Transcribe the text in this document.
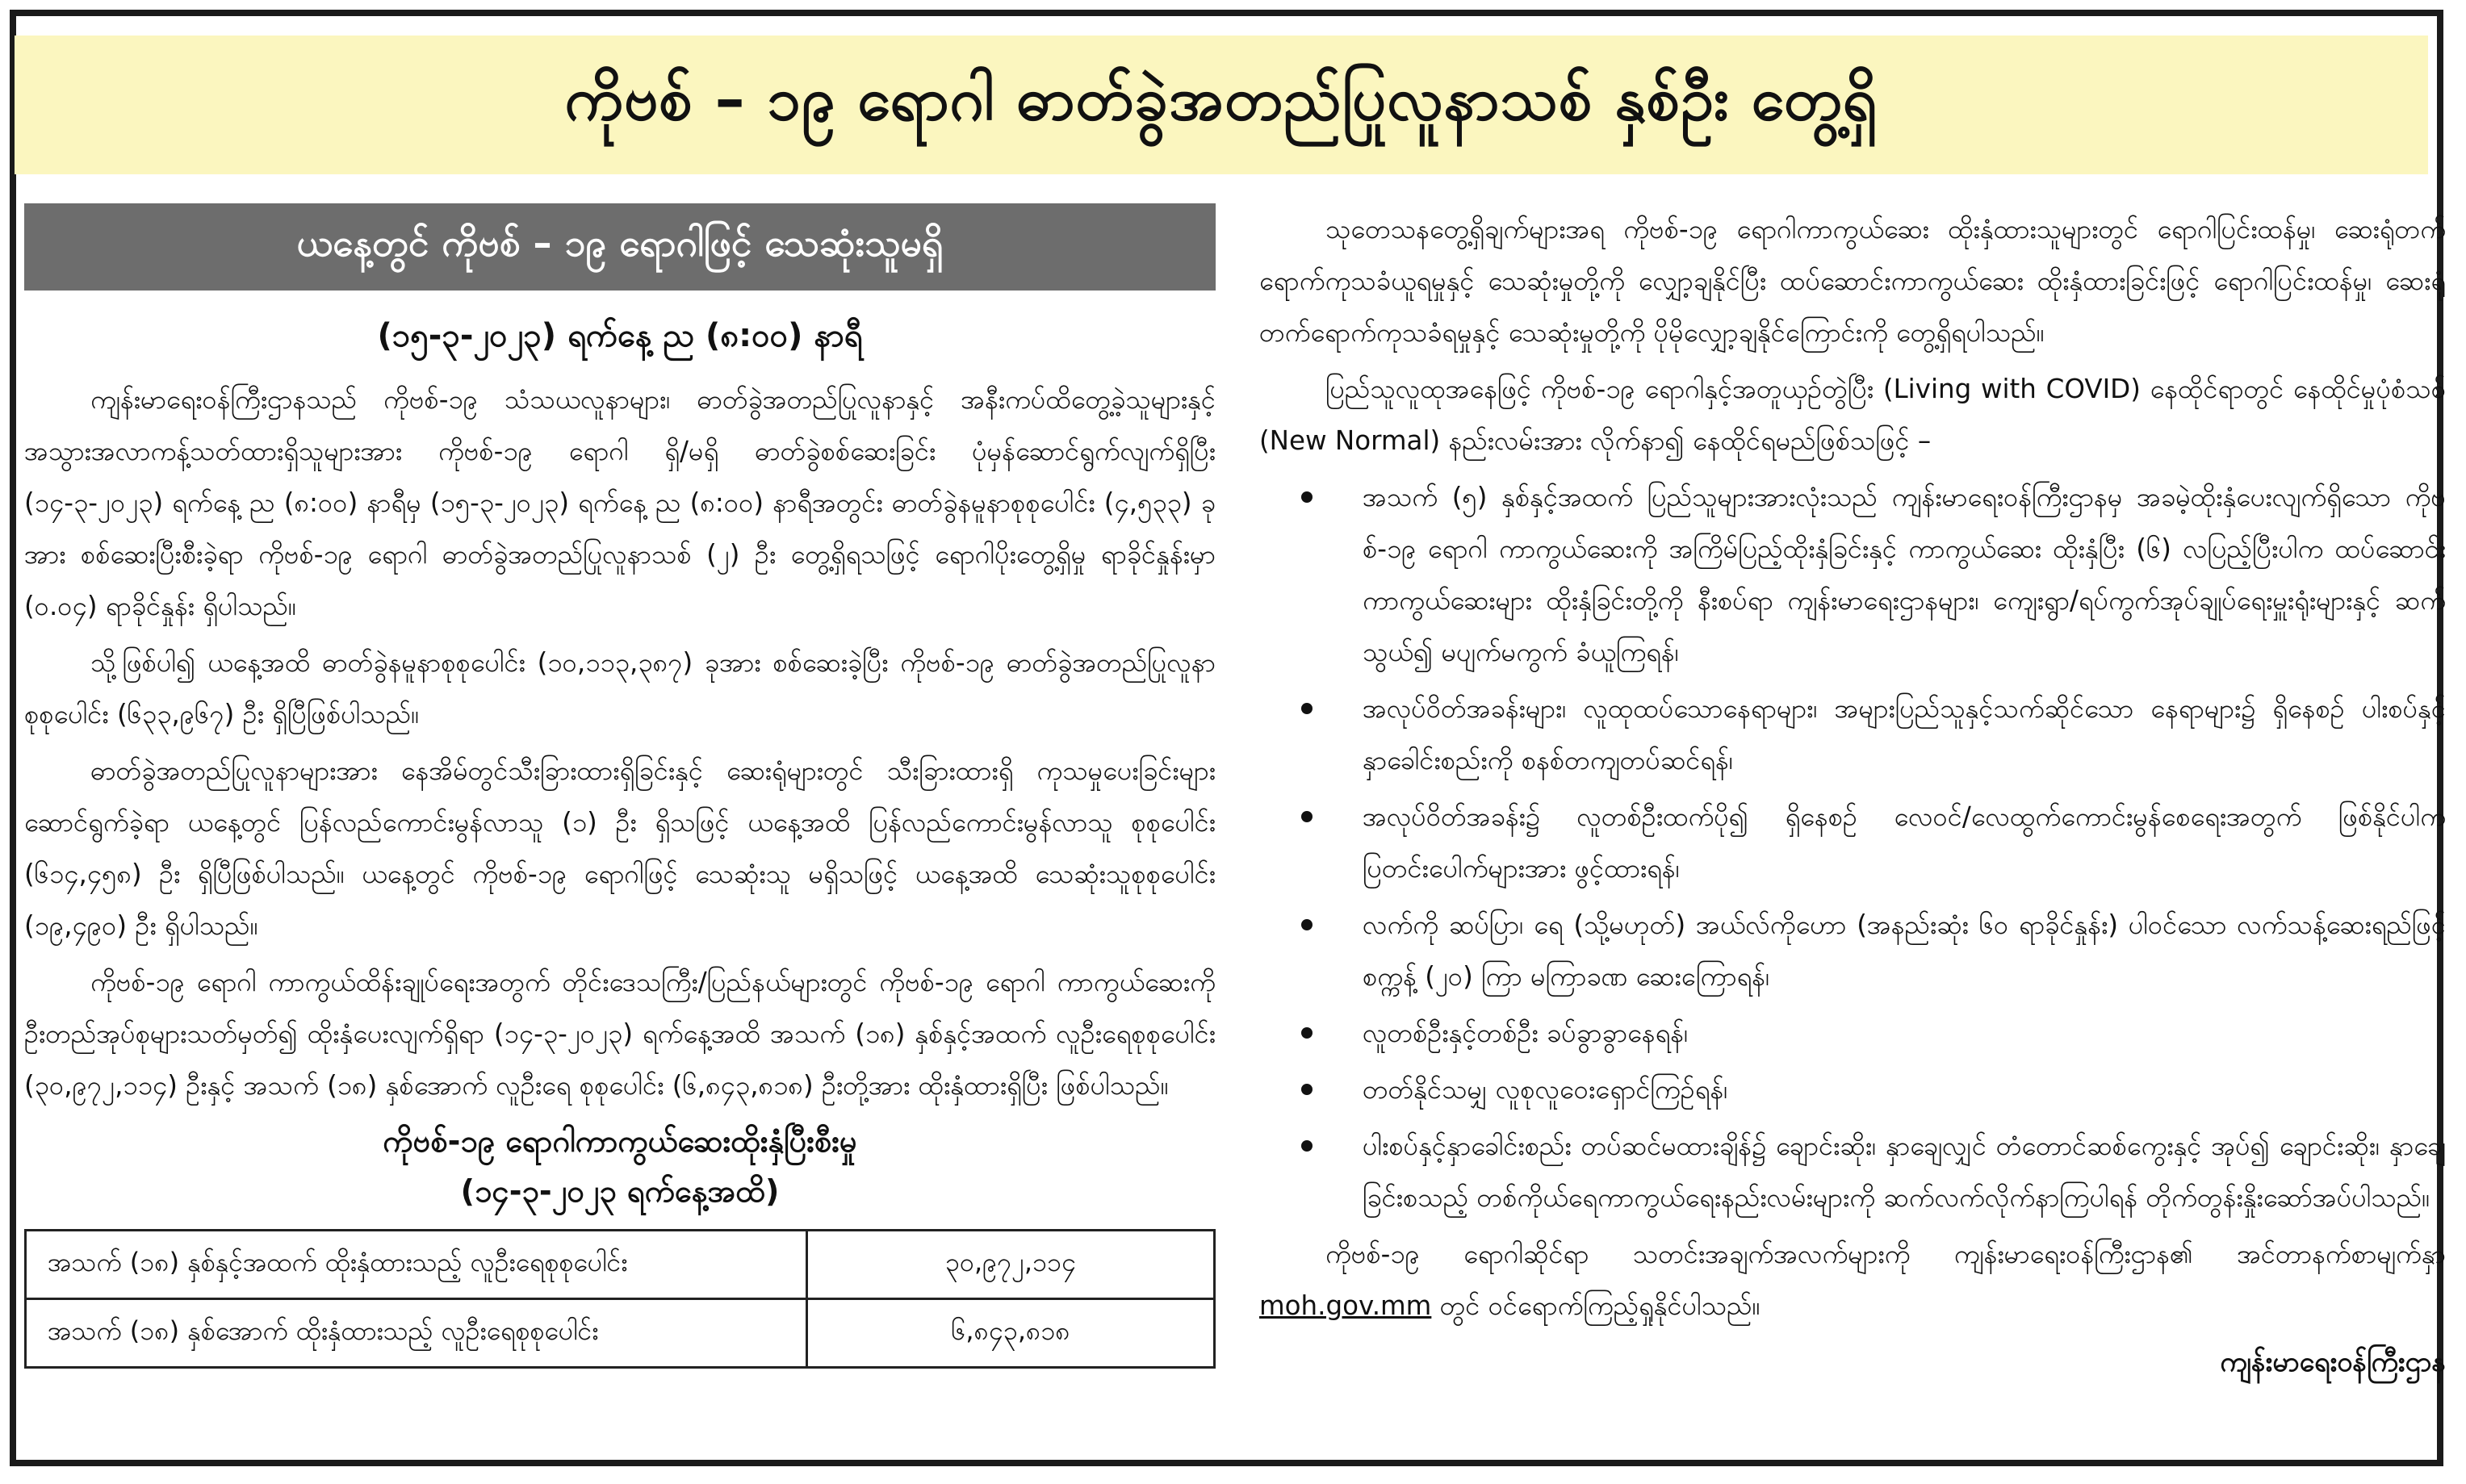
ကိုဗစ် – ၁၉ ရောဂါ ဓာတ်ခွဲအတည်ပြုလူနာသစ် နှစ်ဦး တွေ့ရှိ
ယနေ့တွင် ကိုဗစ် – ၁၉ ရောဂါဖြင့် သေဆုံးသူမရှိ
(၁၅-၃-၂၀၂၃) ရက်နေ့ ည (၈:၀၀) နာရီ

ကျန်းမာရေးဝန်ကြီးဌာနသည် ကိုဗစ်-၁၉ သံသယလူနာများ၊ ဓာတ်ခွဲအတည်ပြုလူနာနှင့် အနီးကပ်ထိတွေ့ခဲ့သူများနှင့် အသွားအလာကန့်သတ်ထားရှိသူများအား ကိုဗစ်-၁၉ ရောဂါ ရှိ/မရှိ ဓာတ်ခွဲစစ်ဆေးခြင်း ပုံမှန်ဆောင်ရွက်လျက်ရှိပြီး (၁၄-၃-၂၀၂၃) ရက်နေ့ ည (၈:၀၀) နာရီမှ (၁၅-၃-၂၀၂၃) ရက်နေ့ ည (၈:၀၀) နာရီအတွင်း ဓာတ်ခွဲနမူနာစုစုပေါင်း (၄,၅၃၃) ခုအား စစ်ဆေးပြီးစီးခဲ့ရာ ကိုဗစ်-၁၉ ရောဂါ ဓာတ်ခွဲအတည်ပြုလူနာသစ် (၂) ဦး တွေ့ရှိရသဖြင့် ရောဂါပိုးတွေ့ရှိမှု ရာခိုင်နှုန်းမှာ (၀.၀၄) ရာခိုင်နှုန်း ရှိပါသည်။

သို့ဖြစ်ပါ၍ ယနေ့အထိ ဓာတ်ခွဲနမူနာစုစုပေါင်း (၁၀,၁၁၃,၃၈၇) ခုအား စစ်ဆေးခဲ့ပြီး ကိုဗစ်-၁၉ ဓာတ်ခွဲအတည်ပြုလူနာ စုစုပေါင်း (၆၃၃,၉၆၇) ဦး ရှိပြီဖြစ်ပါသည်။

ဓာတ်ခွဲအတည်ပြုလူနာများအား နေအိမ်တွင်သီးခြားထားရှိခြင်းနှင့် ဆေးရုံများတွင် သီးခြားထားရှိ ကုသမှုပေးခြင်းများ ဆောင်ရွက်ခဲ့ရာ ယနေ့တွင် ပြန်လည်ကောင်းမွန်လာသူ (၁) ဦး ရှိသဖြင့် ယနေ့အထိ ပြန်လည်ကောင်းမွန်လာသူ စုစုပေါင်း (၆၁၄,၄၅၈) ဦး ရှိပြီဖြစ်ပါသည်။ ယနေ့တွင် ကိုဗစ်-၁၉ ရောဂါဖြင့် သေဆုံးသူ မရှိသဖြင့် ယနေ့အထိ သေဆုံးသူစုစုပေါင်း (၁၉,၄၉၀) ဦး ရှိပါသည်။

ကိုဗစ်-၁၉ ရောဂါ ကာကွယ်ထိန်းချုပ်ရေးအတွက် တိုင်းဒေသကြီး/ပြည်နယ်များတွင် ကိုဗစ်-၁၉ ရောဂါ ကာကွယ်ဆေးကို ဦးတည်အုပ်စုများသတ်မှတ်၍ ထိုးနှံပေးလျက်ရှိရာ (၁၄-၃-၂၀၂၃) ရက်နေ့အထိ အသက် (၁၈) နှစ်နှင့်အထက် လူဦးရေစုစုပေါင်း (၃၀,၉၇၂,၁၁၄) ဦးနှင့် အသက် (၁၈) နှစ်အောက် လူဦးရေ စုစုပေါင်း (၆,၈၄၃,၈၁၈) ဦးတို့အား ထိုးနှံထားရှိပြီး ဖြစ်ပါသည်။

ကိုဗစ်-၁၉ ရောဂါကာကွယ်ဆေးထိုးနှံပြီးစီးမှု
(၁၄-၃-၂၀၂၃ ရက်နေ့အထိ)
အသက် (၁၈) နှစ်နှင့်အထက် ထိုးနှံထားသည့် လူဦးရေစုစုပေါင်း	၃၀,၉၇၂,၁၁၄
အသက် (၁၈) နှစ်အောက် ထိုးနှံထားသည့် လူဦးရေစုစုပေါင်း	၆,၈၄၃,၈၁၈

သုတေသနတွေ့ရှိချက်များအရ ကိုဗစ်-၁၉ ရောဂါကာကွယ်ဆေး ထိုးနှံထားသူများတွင် ရောဂါပြင်းထန်မှု၊ ဆေးရုံတက်ရောက်ကုသခံယူရမှုနှင့် သေဆုံးမှုတို့ကို လျှော့ချနိုင်ပြီး ထပ်ဆောင်းကာကွယ်ဆေး ထိုးနှံထားခြင်းဖြင့် ရောဂါပြင်းထန်မှု၊ ဆေးရုံတက်ရောက်ကုသခံရမှုနှင့် သေဆုံးမှုတို့ကို ပိုမိုလျှော့ချနိုင်ကြောင်းကို တွေ့ရှိရပါသည်။

ပြည်သူလူထုအနေဖြင့် ကိုဗစ်-၁၉ ရောဂါနှင့်အတူယှဉ်တွဲပြီး (Living with COVID) နေထိုင်ရာတွင် နေထိုင်မှုပုံစံသစ် (New Normal) နည်းလမ်းအား လိုက်နာ၍ နေထိုင်ရမည်ဖြစ်သဖြင့် –

အသက် (၅) နှစ်နှင့်အထက် ပြည်သူများအားလုံးသည် ကျန်းမာရေးဝန်ကြီးဌာနမှ အခမဲ့ထိုးနှံပေးလျက်ရှိသော ကိုဗစ်-၁၉ ရောဂါ ကာကွယ်ဆေးကို အကြိမ်ပြည့်ထိုးနှံခြင်းနှင့် ကာကွယ်ဆေး ထိုးနှံပြီး (၆) လပြည့်ပြီးပါက ထပ်ဆောင်းကာကွယ်ဆေးများ ထိုးနှံခြင်းတို့ကို နီးစပ်ရာ ကျန်းမာရေးဌာနများ၊ ကျေးရွာ/ရပ်ကွက်အုပ်ချုပ်ရေးမှူးရုံးများနှင့် ဆက်သွယ်၍ မပျက်မကွက် ခံယူကြရန်၊
အလုပ်ဝိတ်အခန်းများ၊ လူထုထပ်သောနေရာများ၊ အများပြည်သူနှင့်သက်ဆိုင်သော နေရာများ၌ ရှိနေစဉ် ပါးစပ်နှင့်နှာခေါင်းစည်းကို စနစ်တကျတပ်ဆင်ရန်၊
အလုပ်ဝိတ်အခန်း၌ လူတစ်ဦးထက်ပို၍ ရှိနေစဉ် လေဝင်/လေထွက်ကောင်းမွန်စေရေးအတွက် ဖြစ်နိုင်ပါက ပြတင်းပေါက်များအား ဖွင့်ထားရန်၊
လက်ကို ဆပ်ပြာ၊ ရေ (သို့မဟုတ်) အယ်လ်ကိုဟော (အနည်းဆုံး ၆၀ ရာခိုင်နှုန်း) ပါဝင်သော လက်သန့်ဆေးရည်ဖြင့် စက္ကန့် (၂၀) ကြာ မကြာခဏ ဆေးကြောရန်၊
လူတစ်ဦးနှင့်တစ်ဦး ခပ်ခွာခွာနေရန်၊
တတ်နိုင်သမျှ လူစုလူဝေးရှောင်ကြဉ်ရန်၊
ပါးစပ်နှင့်နှာခေါင်းစည်း တပ်ဆင်မထားချိန်၌ ချောင်းဆိုး၊ နှာချေလျှင် တံတောင်ဆစ်ကွေးနှင့် အုပ်၍ ချောင်းဆိုး၊ နှာချေခြင်းစသည့် တစ်ကိုယ်ရေကာကွယ်ရေးနည်းလမ်းများကို ဆက်လက်လိုက်နာကြပါရန် တိုက်တွန်းနှိုးဆော်အပ်ပါသည်။

ကိုဗစ်-၁၉ ရောဂါဆိုင်ရာ သတင်းအချက်အလက်များကို ကျန်းမာရေးဝန်ကြီးဌာန၏ အင်တာနက်စာမျက်နှာ moh.gov.mm တွင် ဝင်ရောက်ကြည့်ရှုနိုင်ပါသည်။

ကျန်းမာရေးဝန်ကြီးဌာန
